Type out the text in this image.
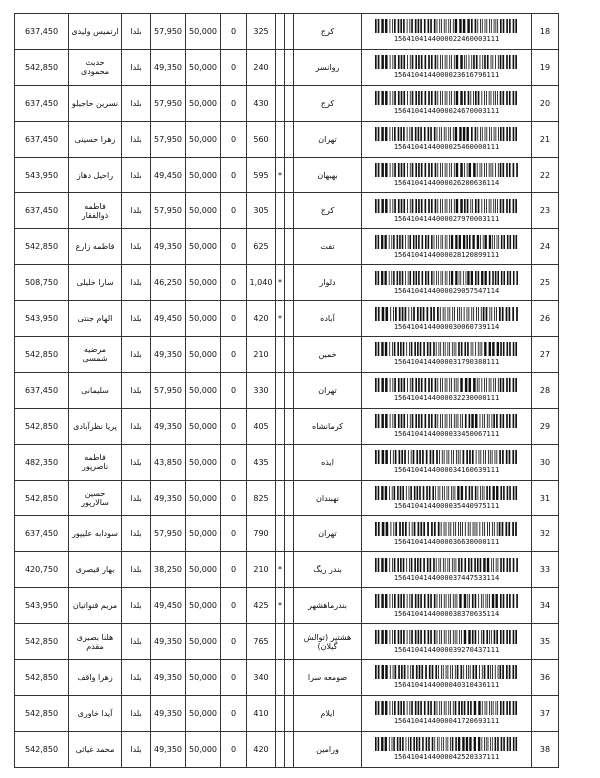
637,450	ارتمیس ولیدی	بلدا	57,950	50,000	0	325			کرج	1564104144000022460003111	18
542,850	حدیث محمودی	بلدا	49,350	50,000	0	240			روانسر	1564104144000023616796111	19
637,450	نسرین حاجیلو	بلدا	57,950	50,000	0	430			کرج	1564104144000024670003111	20
637,450	زهرا حسینی	بلدا	57,950	50,000	0	560			تهران	1564104144000025460000111	21
543,950	راحیل دهاز	بلدا	49,450	50,000	0	595	*		بهبهان	1564104144000026200636114	22
637,450	فاطمه ذوالفقار	بلدا	57,950	50,000	0	305			کرج	1564104144000027970003111	23
542,850	فاطمه زارع	بلدا	49,350	50,000	0	625			تفت	1564104144000028120899111	24
508,750	سارا خلیلی	بلدا	46,250	50,000	0	1,040	*		دلوار	1564104144000029057547114	25
543,950	الهام جنتی	بلدا	49,450	50,000	0	420	*		آباده	1564104144000030060739114	26
542,850	مرضیه شمسی	بلدا	49,350	50,000	0	210			خمین	1564104144000031790388111	27
637,450	سلیمانی	بلدا	57,950	50,000	0	330			تهران	1564104144000032230000111	28
542,850	پریا نظرآبادی	بلدا	49,350	50,000	0	405			کرمانشاه	1564104144000033450067111	29
482,350	فاطمه ناصرپور	بلدا	43,850	50,000	0	435			ایذه	1564104144000034160639111	30
542,850	حسین سالارپور	بلدا	49,350	50,000	0	825			نهبندان	1564104144000035440975111	31
637,450	سودابه علیپور	بلدا	57,950	50,000	0	790			تهران	1564104144000036630000111	32
420,750	بهار قیصری	بلدا	38,250	50,000	0	210	*		بندر ریگ	1564104144000037447533114	33
543,950	مریم قنواتیان	بلدا	49,450	50,000	0	425	*		بندرماهشهر	1564104144000038370635114	34
542,850	هلنا بصیری مقدم	بلدا	49,350	50,000	0	765			هشتپر (توالش گیلان)	1564104144000039270437111	35
542,850	زهرا واقف	بلدا	49,350	50,000	0	340			صومعه سرا	1564104144000040310436111	36
542,850	آیدا خاوری	بلدا	49,350	50,000	0	410			ایلام	1564104144000041720693111	37
542,850	محمد غیاثی	بلدا	49,350	50,000	0	420			ورامین	1564104144000042520337111	38
